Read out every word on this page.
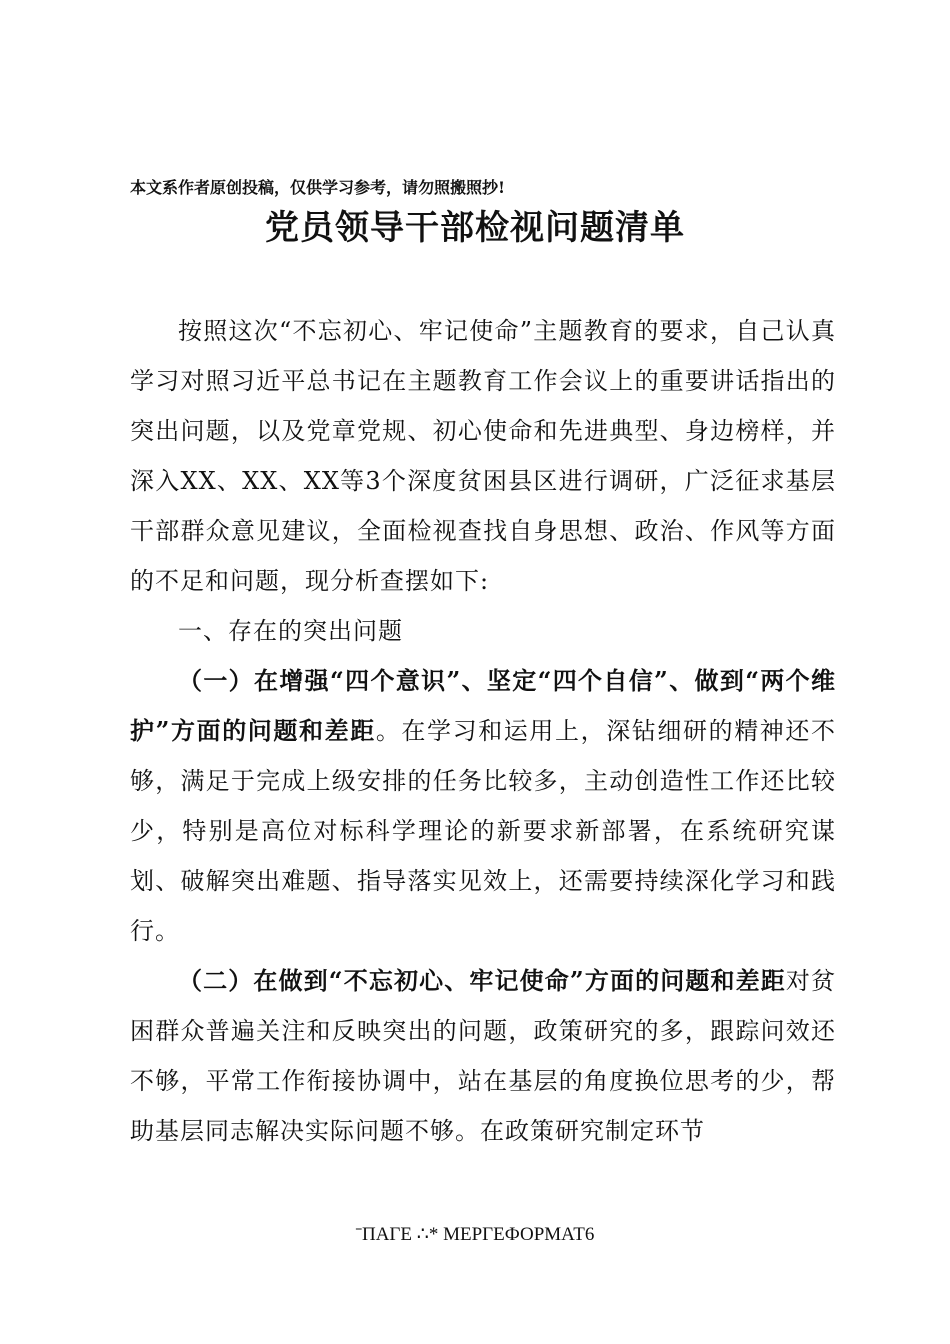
本文系作者原创投稿，仅供学习参考，请勿照搬照抄!
党员领导干部检视问题清单

按照这次“不忘初心、牢记使命”主题教育的要求，自己认真学习对照习近平总书记在主题教育工作会议上的重要讲话指出的突出问题，以及党章党规、初心使命和先进典型、身边榜样，并深入XX、XX、XX等3个深度贫困县区进行调研，广泛征求基层干部群众意见建议，全面检视查找自身思想、政治、作风等方面的不足和问题，现分析查摆如下:

一、存在的突出问题

（一）在增强“四个意识”、坚定“四个自信”、做到“两个维护”方面的问题和差距。在学习和运用上，深钻细研的精神还不够，满足于完成上级安排的任务比较多，主动创造性工作还比较少，特别是高位对标科学理论的新要求新部署，在系统研究谋划、破解突出难题、指导落实见效上，还需要持续深化学习和践行。

（二）在做到“不忘初心、牢记使命”方面的问题和差距对贫困群众普遍关注和反映突出的问题，政策研究的多，跟踪问效还不够，平常工作衔接协调中，站在基层的角度换位思考的少，帮助基层同志解决实际问题不够。在政策研究制定环节

ˉПАГЕ ∴* МЕРГЕФОРМАТ6
